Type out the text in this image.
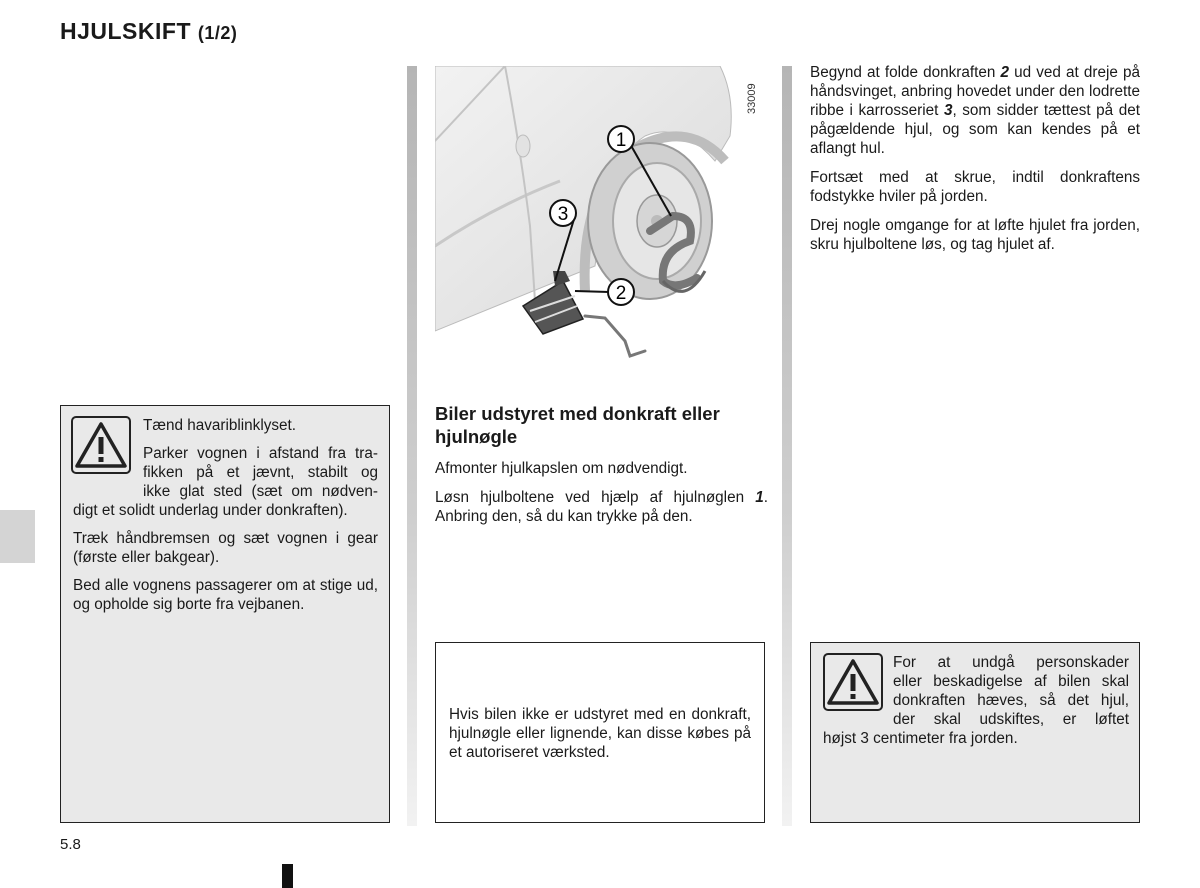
HJULSKIFT (1/2)

Tænd havariblinklyset.

Parker vognen i afstand fra tra-
fikken på et jævnt, stabilt og
ikke glat sted (sæt om nødven-

digt et solidt underlag under donkraften).

Træk håndbremsen og sæt vognen i gear (første eller bakgear).

Bed alle vognens passagerer om at stige ud, og opholde sig borte fra vejbanen.

1
2
3
33009
Biler udstyret med donkraft eller hjulnøgle

Afmonter hjulkapslen om nødvendigt.

Løsn hjulboltene ved hjælp af hjulnøglen 1. Anbring den, så du kan trykke på den.

Hvis bilen ikke er udstyret med en donkraft, hjulnøgle eller lignende, kan disse købes på et autoriseret værksted.

Begynd at folde donkraften 2 ud ved at dreje på håndsvinget, anbring hovedet under den lodrette ribbe i karrosseriet 3, som sidder tættest på det pågældende hjul, og som kan kendes på et aflangt hul.

Fortsæt med at skrue, indtil donkraftens fodstykke hviler på jorden.

Drej nogle omgange for at løfte hjulet fra jorden, skru hjulboltene løs, og tag hjulet af.

For at undgå personskader
eller beskadigelse af bilen skal
donkraften hæves, så det hjul,
der skal udskiftes, er løftet
højst 3 centimeter fra jorden.
5.8
